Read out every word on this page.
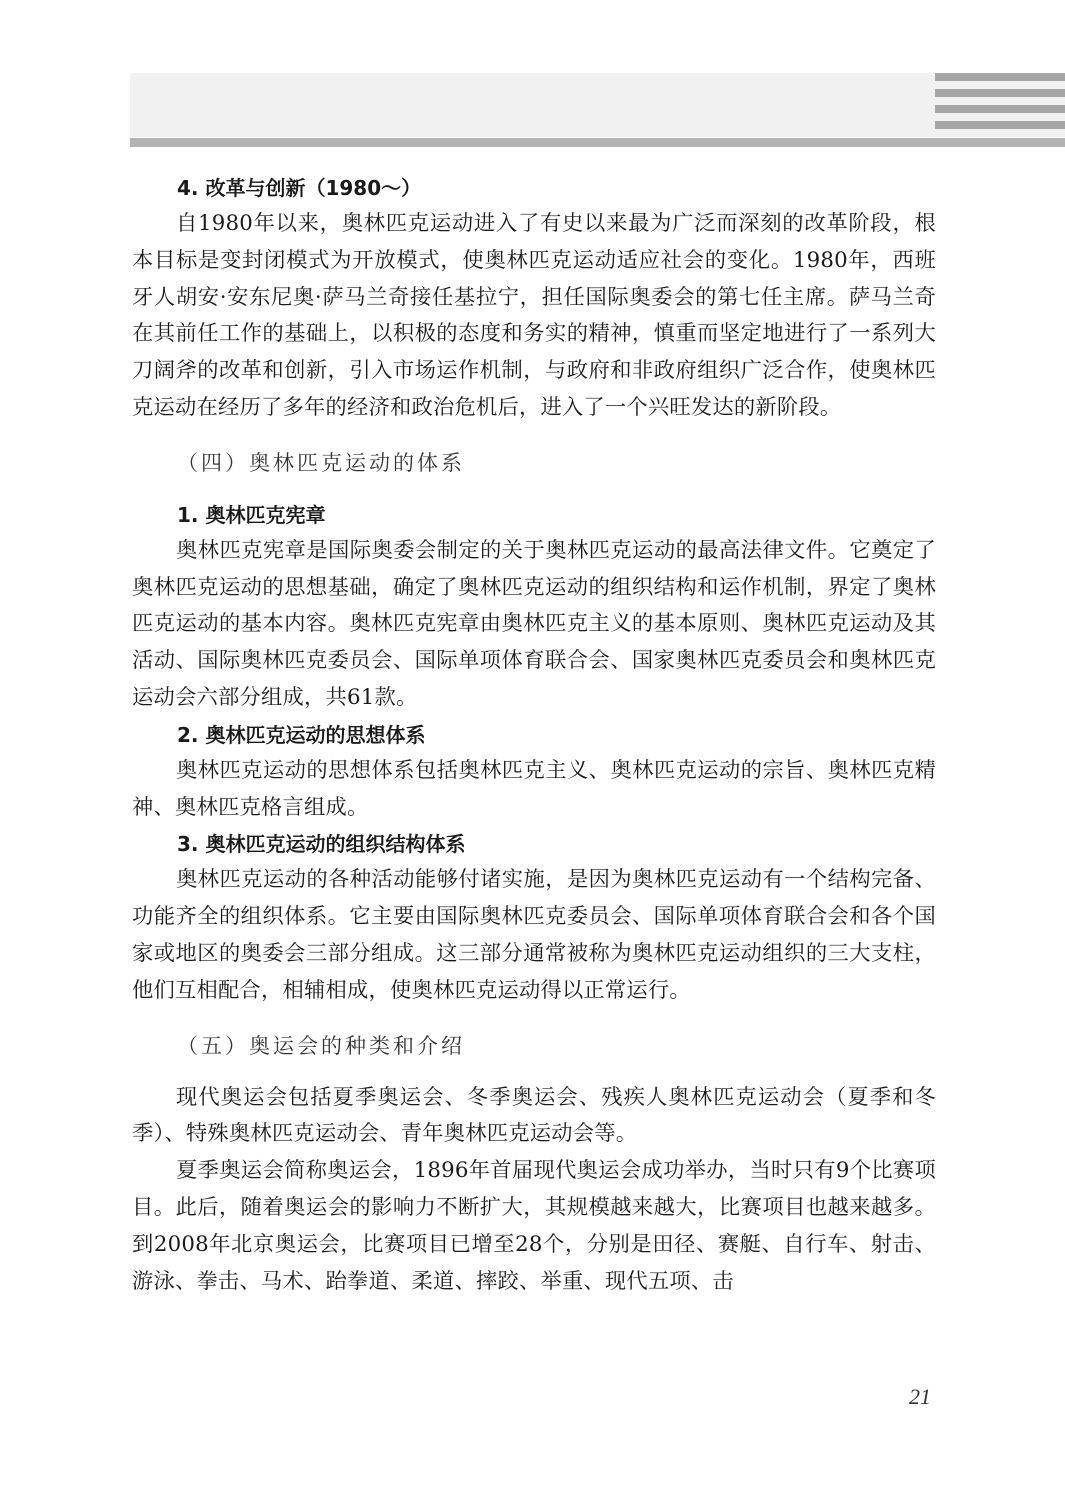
4. 改革与创新（1980～）

自1980年以来，奥林匹克运动进入了有史以来最为广泛而深刻的改革阶段，根本目标是变封闭模式为开放模式，使奥林匹克运动适应社会的变化。1980年，西班牙人胡安·安东尼奥·萨马兰奇接任基拉宁，担任国际奥委会的第七任主席。萨马兰奇在其前任工作的基础上，以积极的态度和务实的精神，慎重而坚定地进行了一系列大刀阔斧的改革和创新，引入市场运作机制，与政府和非政府组织广泛合作，使奥林匹克运动在经历了多年的经济和政治危机后，进入了一个兴旺发达的新阶段。

（四）奥林匹克运动的体系

1. 奥林匹克宪章

奥林匹克宪章是国际奥委会制定的关于奥林匹克运动的最高法律文件。它奠定了奥林匹克运动的思想基础，确定了奥林匹克运动的组织结构和运作机制，界定了奥林匹克运动的基本内容。奥林匹克宪章由奥林匹克主义的基本原则、奥林匹克运动及其活动、国际奥林匹克委员会、国际单项体育联合会、国家奥林匹克委员会和奥林匹克运动会六部分组成，共61款。

2. 奥林匹克运动的思想体系

奥林匹克运动的思想体系包括奥林匹克主义、奥林匹克运动的宗旨、奥林匹克精神、奥林匹克格言组成。

3. 奥林匹克运动的组织结构体系

奥林匹克运动的各种活动能够付诸实施，是因为奥林匹克运动有一个结构完备、功能齐全的组织体系。它主要由国际奥林匹克委员会、国际单项体育联合会和各个国家或地区的奥委会三部分组成。这三部分通常被称为奥林匹克运动组织的三大支柱，他们互相配合，相辅相成，使奥林匹克运动得以正常运行。

（五）奥运会的种类和介绍

现代奥运会包括夏季奥运会、冬季奥运会、残疾人奥林匹克运动会（夏季和冬季）、特殊奥林匹克运动会、青年奥林匹克运动会等。

夏季奥运会简称奥运会，1896年首届现代奥运会成功举办，当时只有9个比赛项目。此后，随着奥运会的影响力不断扩大，其规模越来越大，比赛项目也越来越多。到2008年北京奥运会，比赛项目已增至28个，分别是田径、赛艇、自行车、射击、游泳、拳击、马术、跆拳道、柔道、摔跤、举重、现代五项、击

21
